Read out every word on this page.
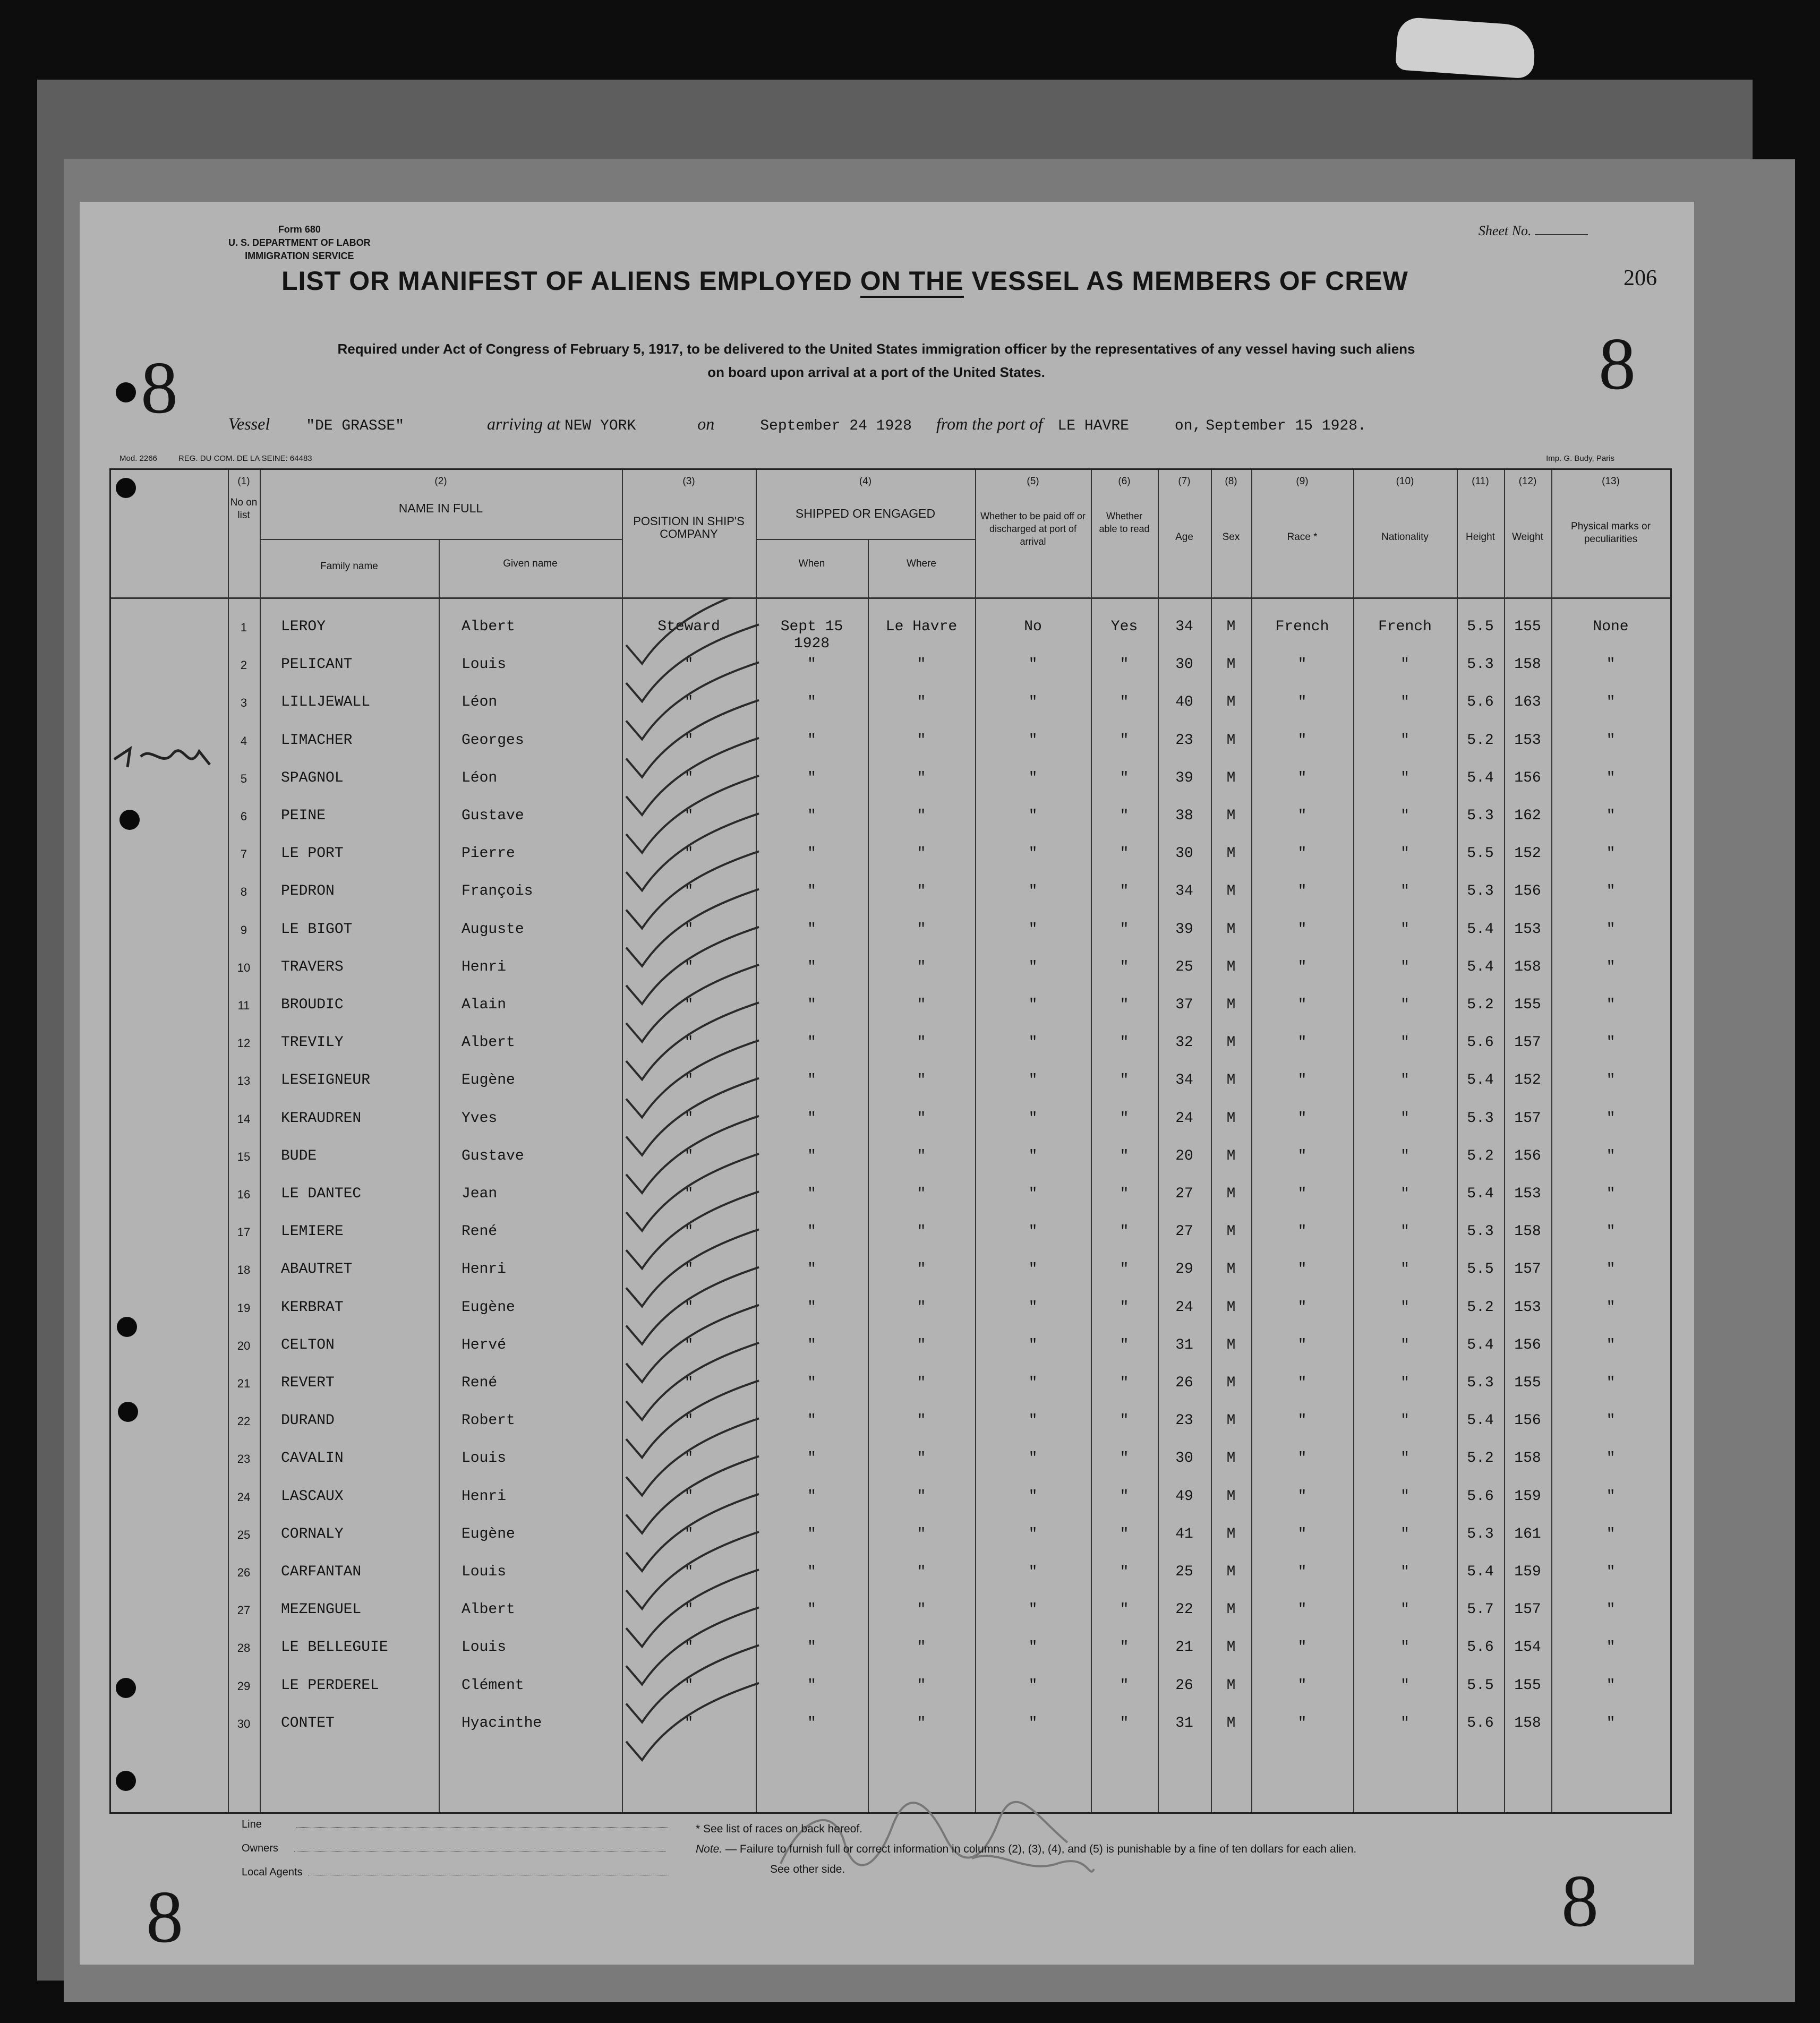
Form 680
U. S. DEPARTMENT OF LABOR
IMMIGRATION SERVICE
Sheet No.
LIST OR MANIFEST OF ALIENS EMPLOYED ON THE VESSEL AS MEMBERS OF CREW	206
Required under Act of Congress of February 5, 1917, to be delivered to the United States immigration officer by the representatives of any vessel having such aliens
on board upon arrival at a port of the United States.
8	8
8	8
Vessel "DE GRASSE"	arriving at NEW YORK	on	September 24 1928 from the port of LE HAVRE	on, September 15 1928.
Mod. 2266	REG. DU COM. DE LA SEINE: 64483	Imp. G. Budy, Paris
(1)
No on list
(2)
NAME IN FULL
Family name	Given name
(3)
POSITION IN SHIP'S COMPANY
(4)
SHIPPED OR ENGAGED
When	Where
(5)
Whether to be paid off or discharged at port of arrival
(6)
Whether able to read
(7)
Age
(8)
Sex
(9)
Race *
(10)
Nationality
(11)
Height
(12)
Weight
(13)
Physical marks or peculiarities
1	LEROY	Albert	Steward	Sept 15	Le Havre	No	Yes	34	M	French	French	5.5	155	None
1928
2	PELICANT	Louis	"	"	"	"	"	30	M	"	"	5.3	158	"
3	LILLJEWALL	Léon	"	"	"	"	"	40	M	"	"	5.6	163	"
4	LIMACHER	Georges	"	"	"	"	"	23	M	"	"	5.2	153	"
5	SPAGNOL	Léon	"	"	"	"	"	39	M	"	"	5.4	156	"
6	PEINE	Gustave	"	"	"	"	"	38	M	"	"	5.3	162	"
7	LE PORT	Pierre	"	"	"	"	"	30	M	"	"	5.5	152	"
8	PEDRON	François	"	"	"	"	"	34	M	"	"	5.3	156	"
9	LE BIGOT	Auguste	"	"	"	"	"	39	M	"	"	5.4	153	"
10	TRAVERS	Henri	"	"	"	"	"	25	M	"	"	5.4	158	"
11	BROUDIC	Alain	"	"	"	"	"	37	M	"	"	5.2	155	"
12	TREVILY	Albert	"	"	"	"	"	32	M	"	"	5.6	157	"
13	LESEIGNEUR	Eugène	"	"	"	"	"	34	M	"	"	5.4	152	"
14	KERAUDREN	Yves	"	"	"	"	"	24	M	"	"	5.3	157	"
15	BUDE	Gustave	"	"	"	"	"	20	M	"	"	5.2	156	"
16	LE DANTEC	Jean	"	"	"	"	"	27	M	"	"	5.4	153	"
17	LEMIERE	René	"	"	"	"	"	27	M	"	"	5.3	158	"
18	ABAUTRET	Henri	"	"	"	"	"	29	M	"	"	5.5	157	"
19	KERBRAT	Eugène	"	"	"	"	"	24	M	"	"	5.2	153	"
20	CELTON	Hervé	"	"	"	"	"	31	M	"	"	5.4	156	"
21	REVERT	René	"	"	"	"	"	26	M	"	"	5.3	155	"
22	DURAND	Robert	"	"	"	"	"	23	M	"	"	5.4	156	"
23	CAVALIN	Louis	"	"	"	"	"	30	M	"	"	5.2	158	"
24	LASCAUX	Henri	"	"	"	"	"	49	M	"	"	5.6	159	"
25	CORNALY	Eugène	"	"	"	"	"	41	M	"	"	5.3	161	"
26	CARFANTAN	Louis	"	"	"	"	"	25	M	"	"	5.4	159	"
27	MEZENGUEL	Albert	"	"	"	"	"	22	M	"	"	5.7	157	"
28	LE BELLEGUIE	Louis	"	"	"	"	"	21	M	"	"	5.6	154	"
29	LE PERDEREL	Clément	"	"	"	"	"	26	M	"	"	5.5	155	"
30	CONTET	Hyacinthe	"	"	"	"	"	31	M	"	"	5.6	158	"
Line
Owners
Local Agents
* See list of races on back hereof.
Note. — Failure to furnish full or correct information in columns (2), (3), (4), and (5) is punishable by a fine of ten dollars for each alien.
See other side.
